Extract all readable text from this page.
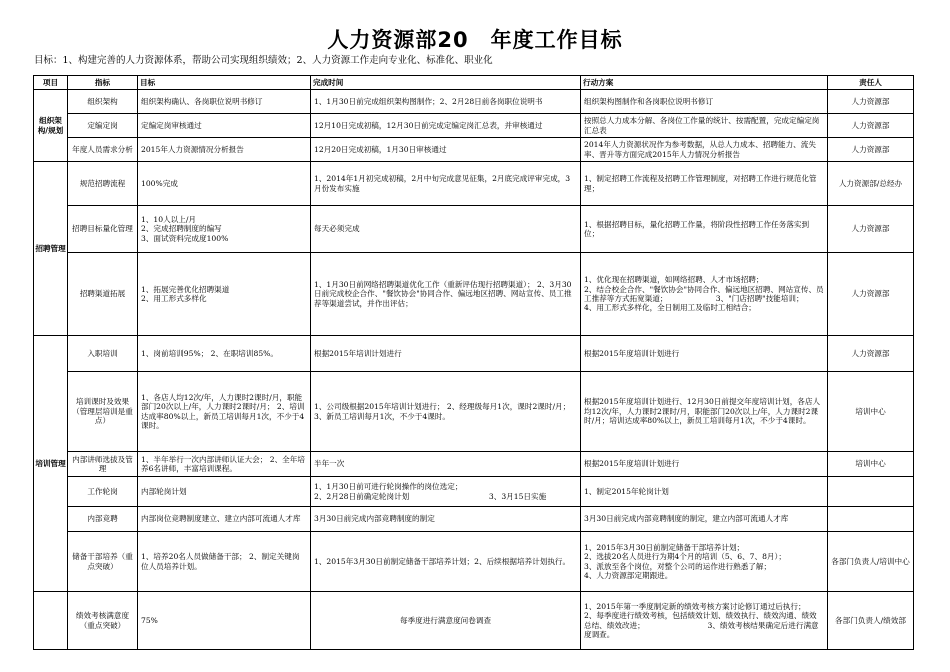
人力资源部20 年度工作目标
目标：1、构建完善的人力资源体系，帮助公司实现组织绩效；2、人力资源工作走向专业化、标准化、职业化
项目	指标	目标	完成时间	行动方案	责任人
组织架构/规划	组织架构	组织架构确认、各岗职位说明书修订	1、1月30日前完成组织架构图制作；2、2月28日前各岗职位说明书	组织架构图制作和各岗职位说明书修订	人力资源部
	定编定岗	定编定岗审核通过	12月10日完成初稿，12月30日前完成定编定岗汇总表，并审核通过	按照总人力成本分解、各岗位工作量的统计、按需配置，完成定编定岗汇总表	人力资源部
	年度人员需求分析	2015年人力资源情况分析报告	12月20日完成初稿，1月30日审核通过	2014年人力资源状况作为参考数据，从总人力成本、招聘能力、流失率、晋升等方面完成2015年人力情况分析报告	人力资源部
招聘管理	规范招聘流程	100%完成	1、2014年1月初完成初稿，2月中旬完成意见征集，2月底完成评审完成，3月份发布实施	1、制定招聘工作流程及招聘工作管理制度，对招聘工作进行规范化管理；	人力资源部/总经办
	招聘目标量化管理	1、10人以上/月
2、完成招聘制度的编写
3、面试资料完成度100%	每天必须完成	1、根据招聘目标，量化招聘工作量，将阶段性招聘工作任务落实到位；	人力资源部
	招聘渠道拓展	1、拓展完善优化招聘渠道
2、用工形式多样化	1、1月30日前网络招聘渠道优化工作（重新评估现行招聘渠道）； 2、3月30日前完成校企合作、"餐饮协会"协同合作、偏远地区招聘、网站宣传、员工推荐等渠道尝试，并作出评估；	1、优化现在招聘渠道，如网络招聘、人才市场招聘；
2、结合校企合作、"餐饮协会"协同合作、偏远地区招聘、网站宣传、员工推荐等方式拓宽渠道；                    3、"门店招聘"技能培训；
4、用工形式多样化，全日制用工及临时工相结合；	人力资源部
培训管理	入职培训	1、岗前培训95%； 2、在职培训85%。	根据2015年培训计划进行	根据2015年度培训计划进行	人力资源部
	培训课时及效果（管理层培训是重点）	1、各店人均12次/年，人力课时2课时/月，职能部门20次以上/年，人力课时2课时/月； 2、培训达成率80%以上，新员工培训每月1次，不少于4课时。	1、公司级根据2015年培训计划进行； 2、经理级每月1次，课时2课时/月； 3、新员工培训每月1次，不少于4课时。	根据2015年度培训计划进行、12月30日前提交年度培训计划，各店人均12次/年，人力课时2课时/月，职能部门20次以上/年，人力课时2课时/月；培训达成率80%以上，新员工培训每月1次，不少于4课时。	培训中心
	内部讲师选拔及管理	1、半年举行一次内部讲师认证大会； 2、全年培养6名讲师，丰富培训课程。	半年一次	根据2015年度培训计划进行	培训中心
	工作轮岗	内部轮岗计划	1、1月30日前可进行轮岗操作的岗位选定；
2、2月28日前确定轮岗计划                                 3、3月15日实施	1、制定2015年轮岗计划	
	内部竞聘	内部岗位竞聘制度建立、建立内部可流通人才库	3月30日前完成内部竞聘制度的制定	3月30日前完成内部竞聘制度的制定，建立内部可流通人才库	
	储备干部培养（重点突破）	1、培养20名人员做储备干部； 2、制定关键岗位人员培养计划。	1、2015年3月30日前制定储备干部培养计划；2、后续根据培养计划执行。	1、2015年3月30日前制定储备干部培养计划；
2、选拔20名人员进行为期4个月的培训（5、6、7、8月）；
3、派放至各个岗位，对整个公司的运作进行熟悉了解；                       4、人力资源部定期跟进。	各部门负责人/培训中心
	绩效考核满意度（重点突破）	75%	每季度进行满意度问卷调查	1、2015年第一季度制定新的绩效考核方案讨论修订通过后执行；
2、每季度进行绩效考核，包括绩效计划、绩效执行、绩效沟通、绩效总结、绩效改进；                          3、绩效考核结果确定后进行满意度调查。	各部门负责人/绩效部
